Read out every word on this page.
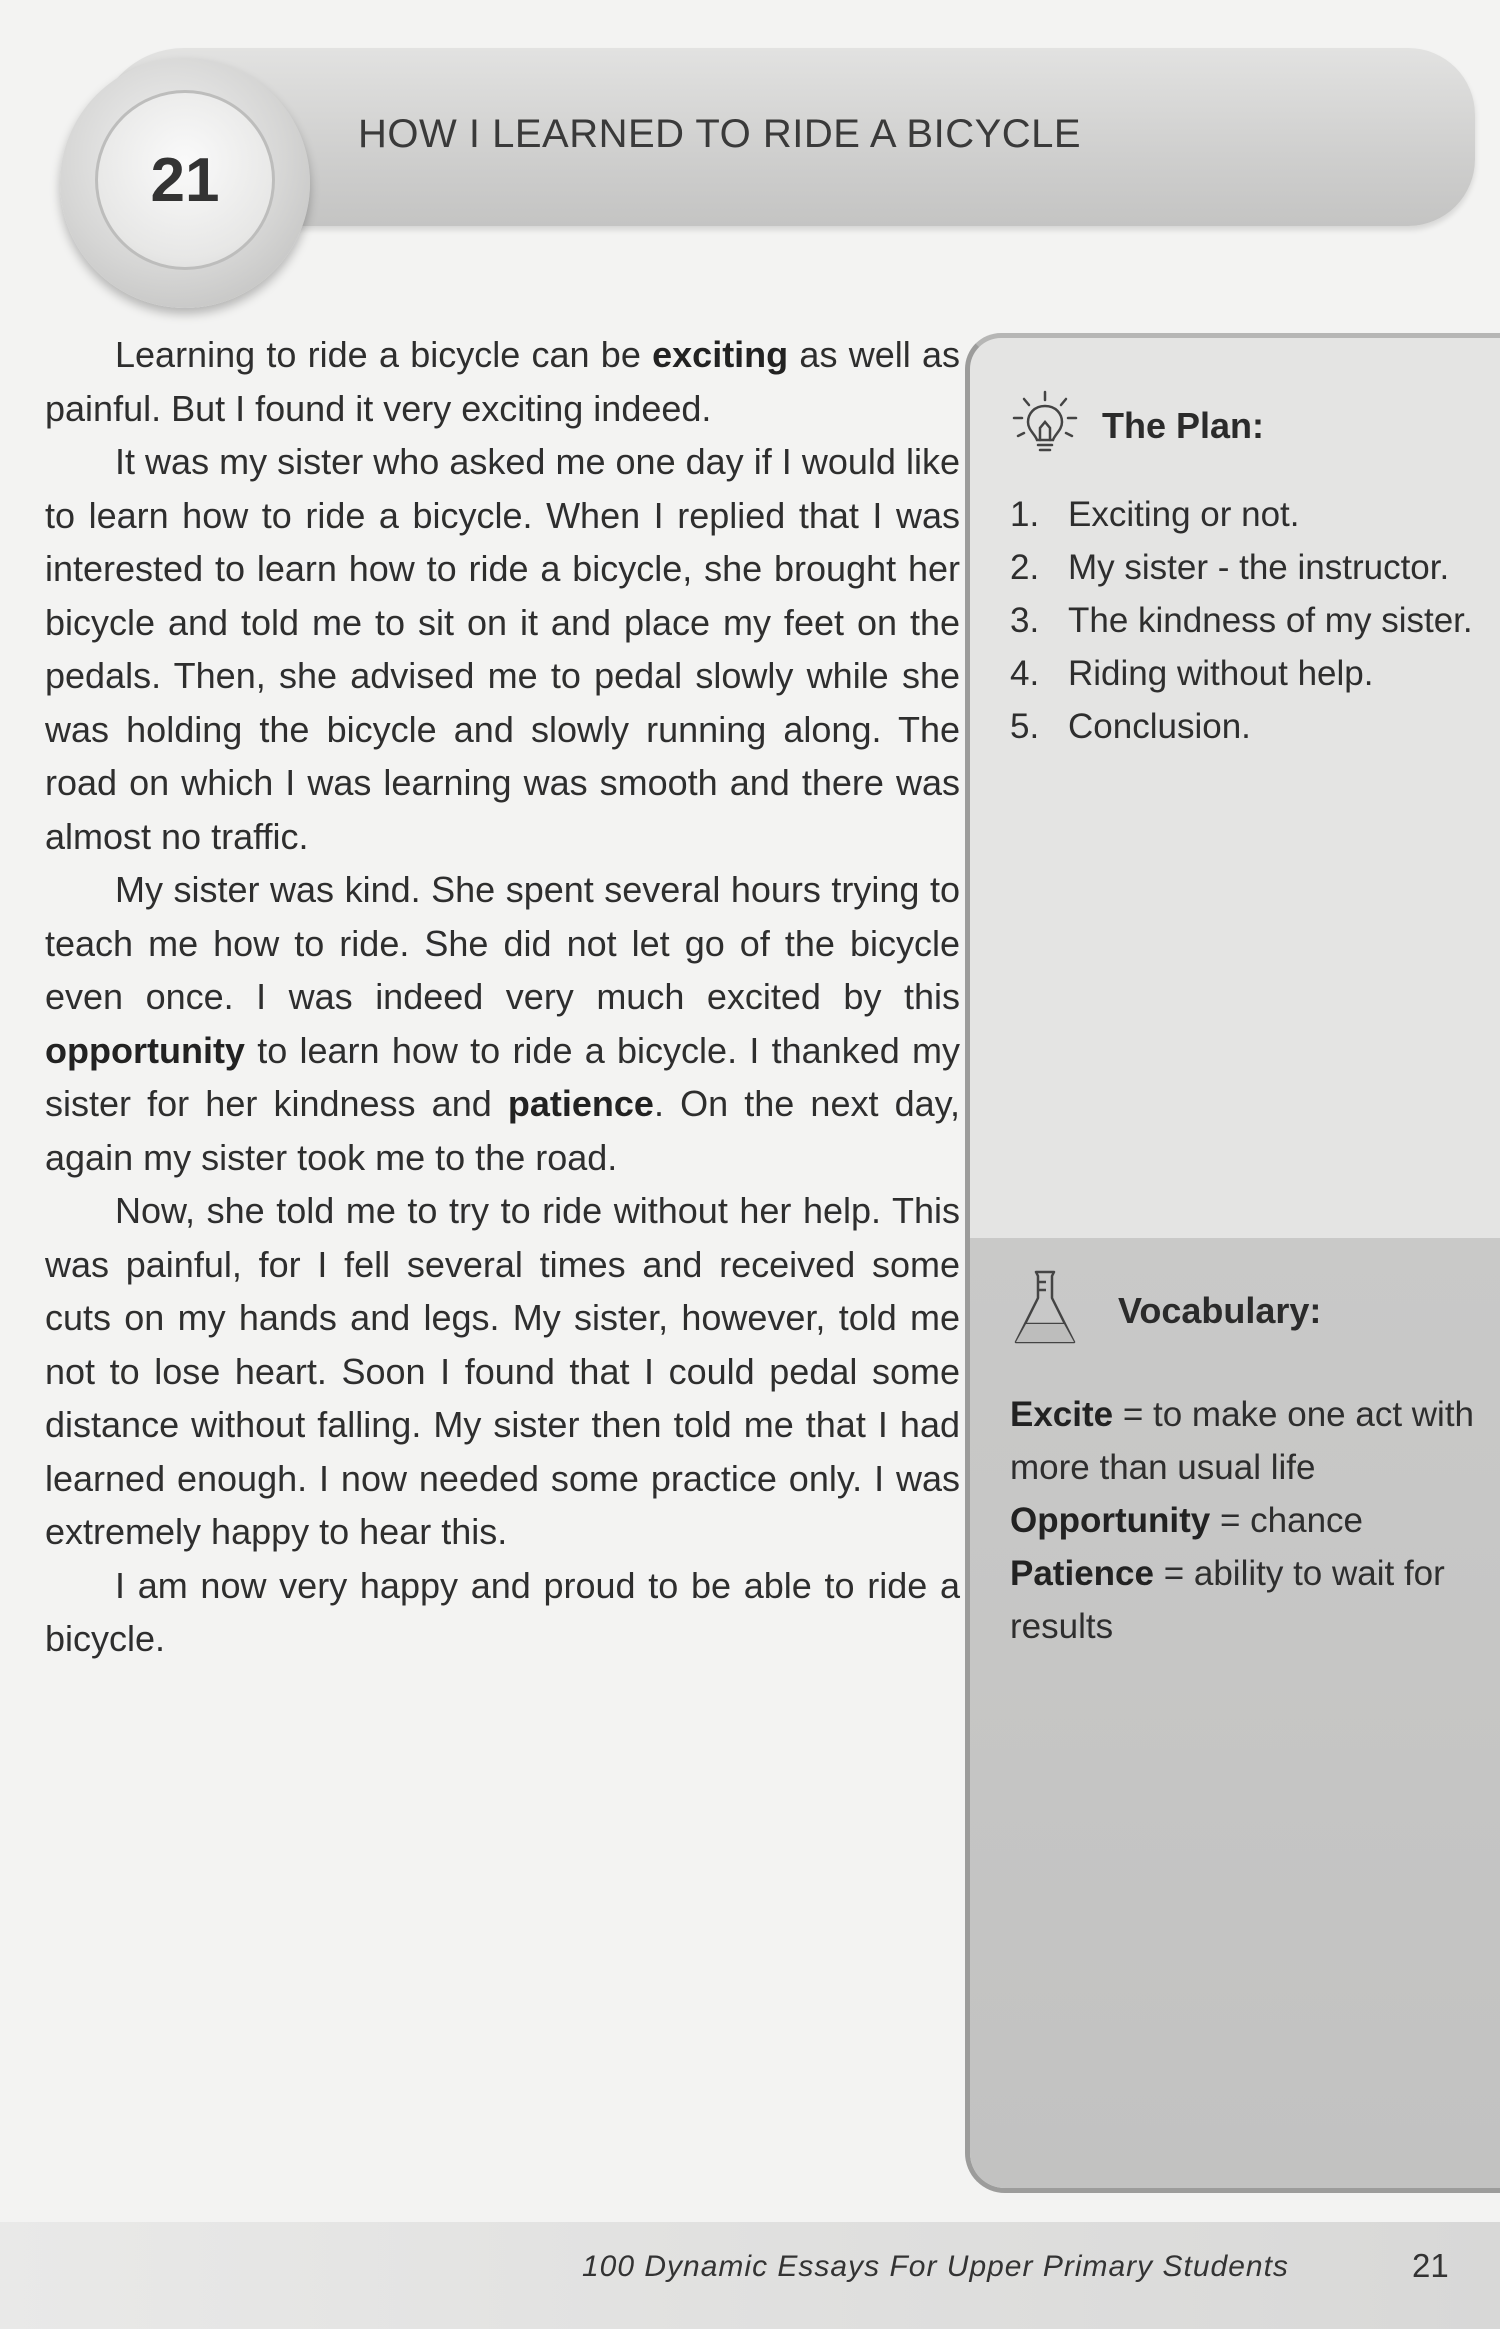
21
HOW I LEARNED TO RIDE A BICYCLE

Learning to ride a bicycle can be exciting as well as painful. But I found it very exciting indeed.

It was my sister who asked me one day if I would like to learn how to ride a bicycle. When I replied that I was interested to learn how to ride a bicycle, she brought her bicycle and told me to sit on it and place my feet on the pedals. Then, she advised me to pedal slowly while she was holding the bicycle and slowly running along. The road on which I was learning was smooth and there was almost no traffic.

My sister was kind. She spent several hours trying to teach me how to ride. She did not let go of the bicycle even once. I was indeed very much excited by this opportunity to learn how to ride a bicycle. I thanked my sister for her kindness and patience. On the next day, again my sister took me to the road.

Now, she told me to try to ride without her help. This was painful, for I fell several times and received some cuts on my hands and legs. My sister, however, told me not to lose heart. Soon I found that I could pedal some distance without falling. My sister then told me that I had learned enough. I now needed some practice only. I was extremely happy to hear this.

I am now very happy and proud to be able to ride a bicycle.

The Plan:
1. Exciting or not.
2. My sister - the instructor.
3. The kindness of my sister.
4. Riding without help.
5. Conclusion.
Vocabulary:
Excite = to make one act with more than usual life
Opportunity = chance
Patience = ability to wait for results
100 Dynamic Essays For Upper Primary Students	21
